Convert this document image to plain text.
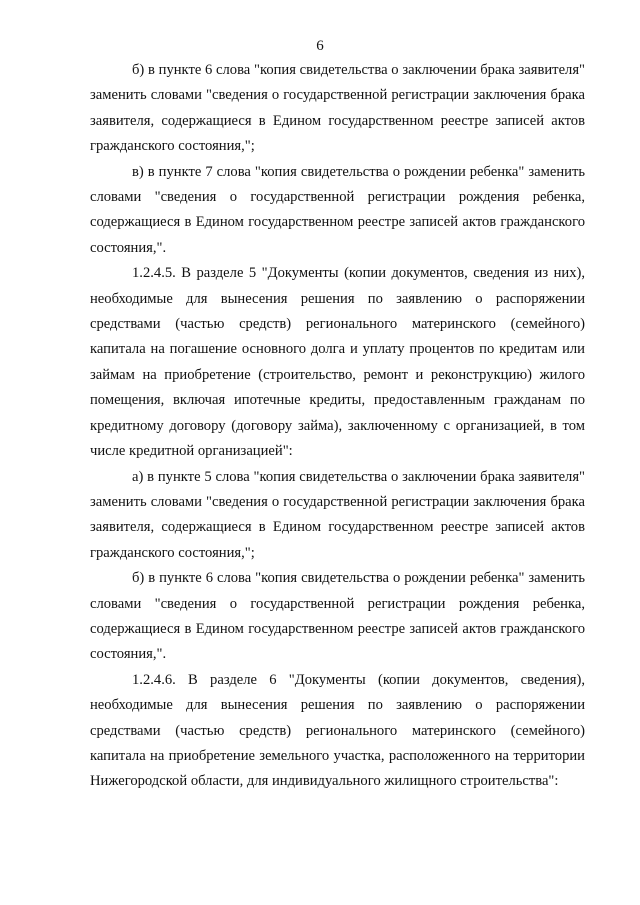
6

б) в пункте 6 слова "копия свидетельства о заключении брака заявителя" заменить словами "сведения о государственной регистрации заключения брака заявителя, содержащиеся в Едином государственном реестре записей актов гражданского состояния,";

в) в пункте 7 слова "копия свидетельства о рождении ребенка" заменить словами "сведения о государственной регистрации рождения ребенка, содержащиеся в Едином государственном реестре записей актов гражданского состояния,".

1.2.4.5. В разделе 5 "Документы (копии документов, сведения из них), необходимые для вынесения решения по заявлению о распоряжении средствами (частью средств) регионального материнского (семейного) капитала на погашение основного долга и уплату процентов по кредитам или займам на приобретение (строительство, ремонт и реконструкцию) жилого помещения, включая ипотечные кредиты, предоставленным гражданам по кредитному договору (договору займа), заключенному с организацией, в том числе кредитной организацией":

а) в пункте 5 слова "копия свидетельства о заключении брака заявителя" заменить словами "сведения о государственной регистрации заключения брака заявителя, содержащиеся в Едином государственном реестре записей актов гражданского состояния,";

б) в пункте 6 слова "копия свидетельства о рождении ребенка" заменить словами "сведения о государственной регистрации рождения ребенка, содержащиеся в Едином государственном реестре записей актов гражданского состояния,".

1.2.4.6. В разделе 6 "Документы (копии документов, сведения), необходимые для вынесения решения по заявлению о распоряжении средствами (частью средств) регионального материнского (семейного) капитала на приобретение земельного участка, расположенного на территории Нижегородской области, для индивидуального жилищного строительства":
